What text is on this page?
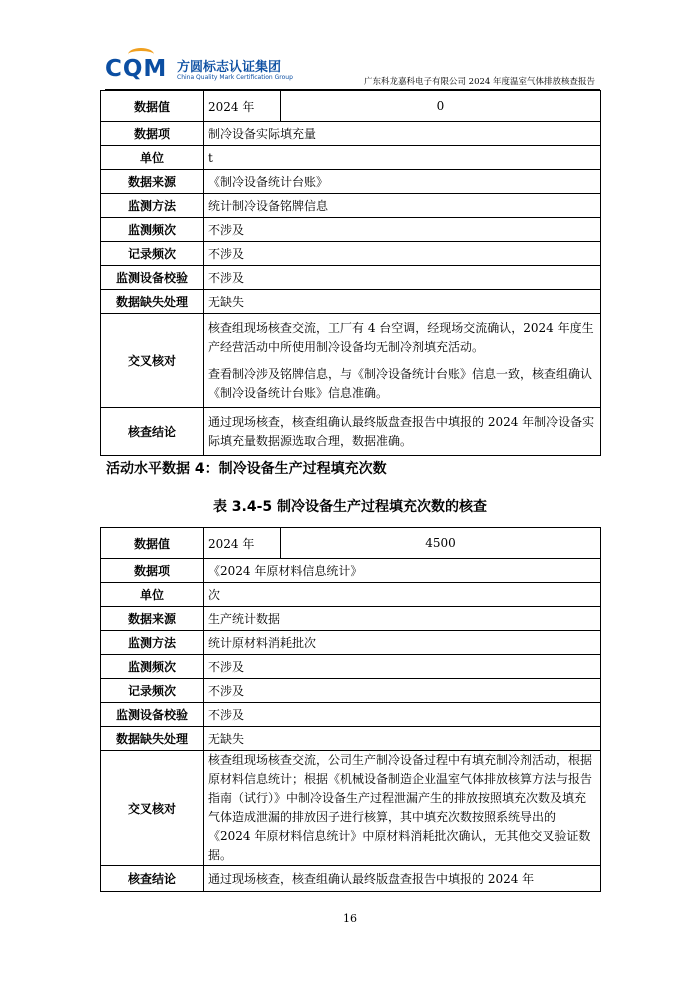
CQM 方圆标志认证集团
China Quality Mark Certification Group	广东科龙嘉科电子有限公司 2024 年度温室气体排放核查报告
数据值	2024 年	0
数据项	制冷设备实际填充量	
单位	t	
数据来源	《制冷设备统计台账》	
监测方法	统计制冷设备铭牌信息	
监测频次	不涉及	
记录频次	不涉及	
监测设备校验	不涉及	
数据缺失处理	无缺失	
交叉核对	核查组现场核查交流，工厂有 4 台空调，经现场交流确认，2024 年度生产经营活动中所使用制冷设备均无制冷剂填充活动。
查看制冷涉及铭牌信息，与《制冷设备统计台账》信息一致，核查组确认《制冷设备统计台账》信息准确。	

核查结论	通过现场核查，核查组确认最终版盘查报告中填报的 2024 年制冷设备实际填充量数据源选取合理，数据准确。	
活动水平数据 4：制冷设备生产过程填充次数
表 3.4-5 制冷设备生产过程填充次数的核查
数据值	2024 年	4500
数据项	《2024 年原材料信息统计》	
单位	次	
数据来源	生产统计数据	
监测方法	统计原材料消耗批次	
监测频次	不涉及	
记录频次	不涉及	
监测设备校验	不涉及	
数据缺失处理	无缺失	
交叉核对	核查组现场核查交流，公司生产制冷设备过程中有填充制冷剂活动，根据原材料信息统计；根据《机械设备制造企业温室气体排放核算方法与报告指南（试行）》中制冷设备生产过程泄漏产生的排放按照填充次数及填充气体造成泄漏的排放因子进行核算，其中填充次数按照系统导出的《2024 年原材料信息统计》中原材料消耗批次确认，无其他交叉验证数据。	
核查结论	通过现场核查，核查组确认最终版盘查报告中填报的 2024 年	
16
